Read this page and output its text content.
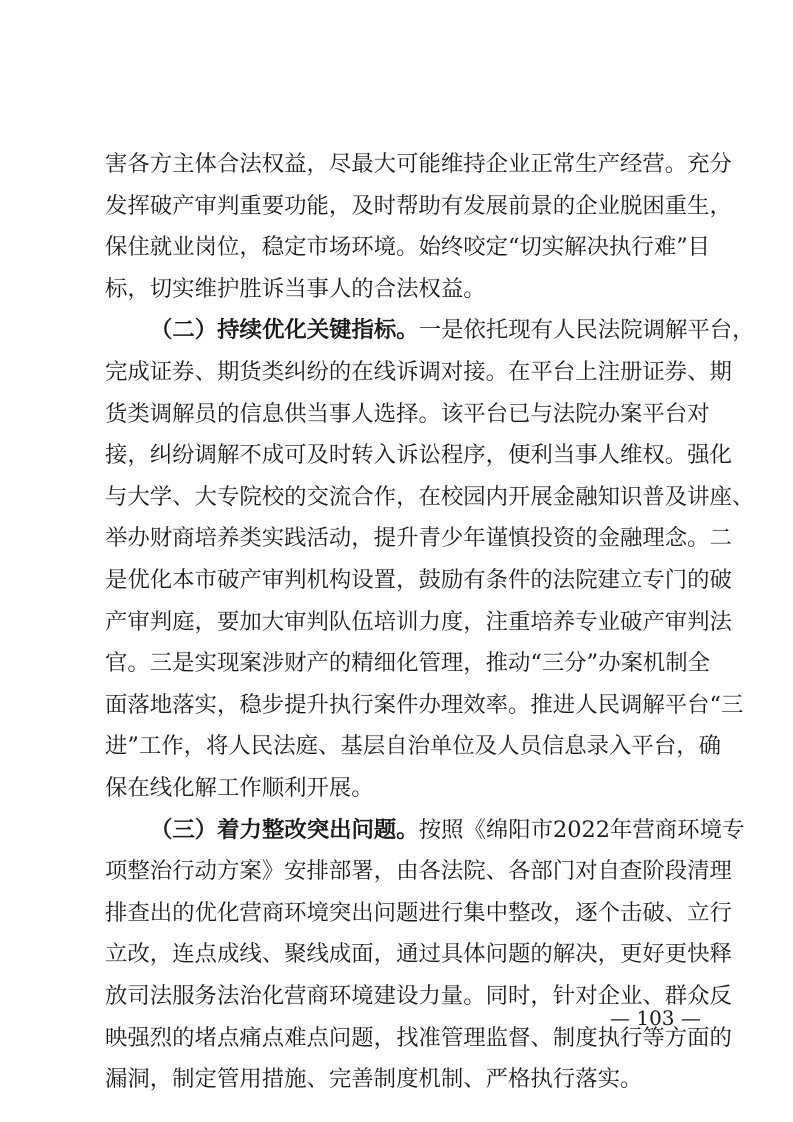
害各方主体合法权益，尽最大可能维持企业正常生产经营。充分
发挥破产审判重要功能，及时帮助有发展前景的企业脱困重生，
保住就业岗位，稳定市场环境。始终咬定“切实解决执行难”目
标，切实维护胜诉当事人的合法权益。
（二）持续优化关键指标。一是依托现有人民法院调解平台，
完成证券、期货类纠纷的在线诉调对接。在平台上注册证券、期
货类调解员的信息供当事人选择。该平台已与法院办案平台对
接，纠纷调解不成可及时转入诉讼程序，便利当事人维权。强化
与大学、大专院校的交流合作，在校园内开展金融知识普及讲座、
举办财商培养类实践活动，提升青少年谨慎投资的金融理念。二
是优化本市破产审判机构设置，鼓励有条件的法院建立专门的破
产审判庭，要加大审判队伍培训力度，注重培养专业破产审判法
官。三是实现案涉财产的精细化管理，推动“三分”办案机制全
面落地落实，稳步提升执行案件办理效率。推进人民调解平台“三
进”工作，将人民法庭、基层自治单位及人员信息录入平台，确
保在线化解工作顺利开展。
（三）着力整改突出问题。按照《绵阳市2022年营商环境专
项整治行动方案》安排部署，由各法院、各部门对自查阶段清理
排查出的优化营商环境突出问题进行集中整改，逐个击破、立行
立改，连点成线、聚线成面，通过具体问题的解决，更好更快释
放司法服务法治化营商环境建设力量。同时，针对企业、群众反
映强烈的堵点痛点难点问题，找准管理监督、制度执行等方面的
漏洞，制定管用措施、完善制度机制、严格执行落实。
— 103 —
